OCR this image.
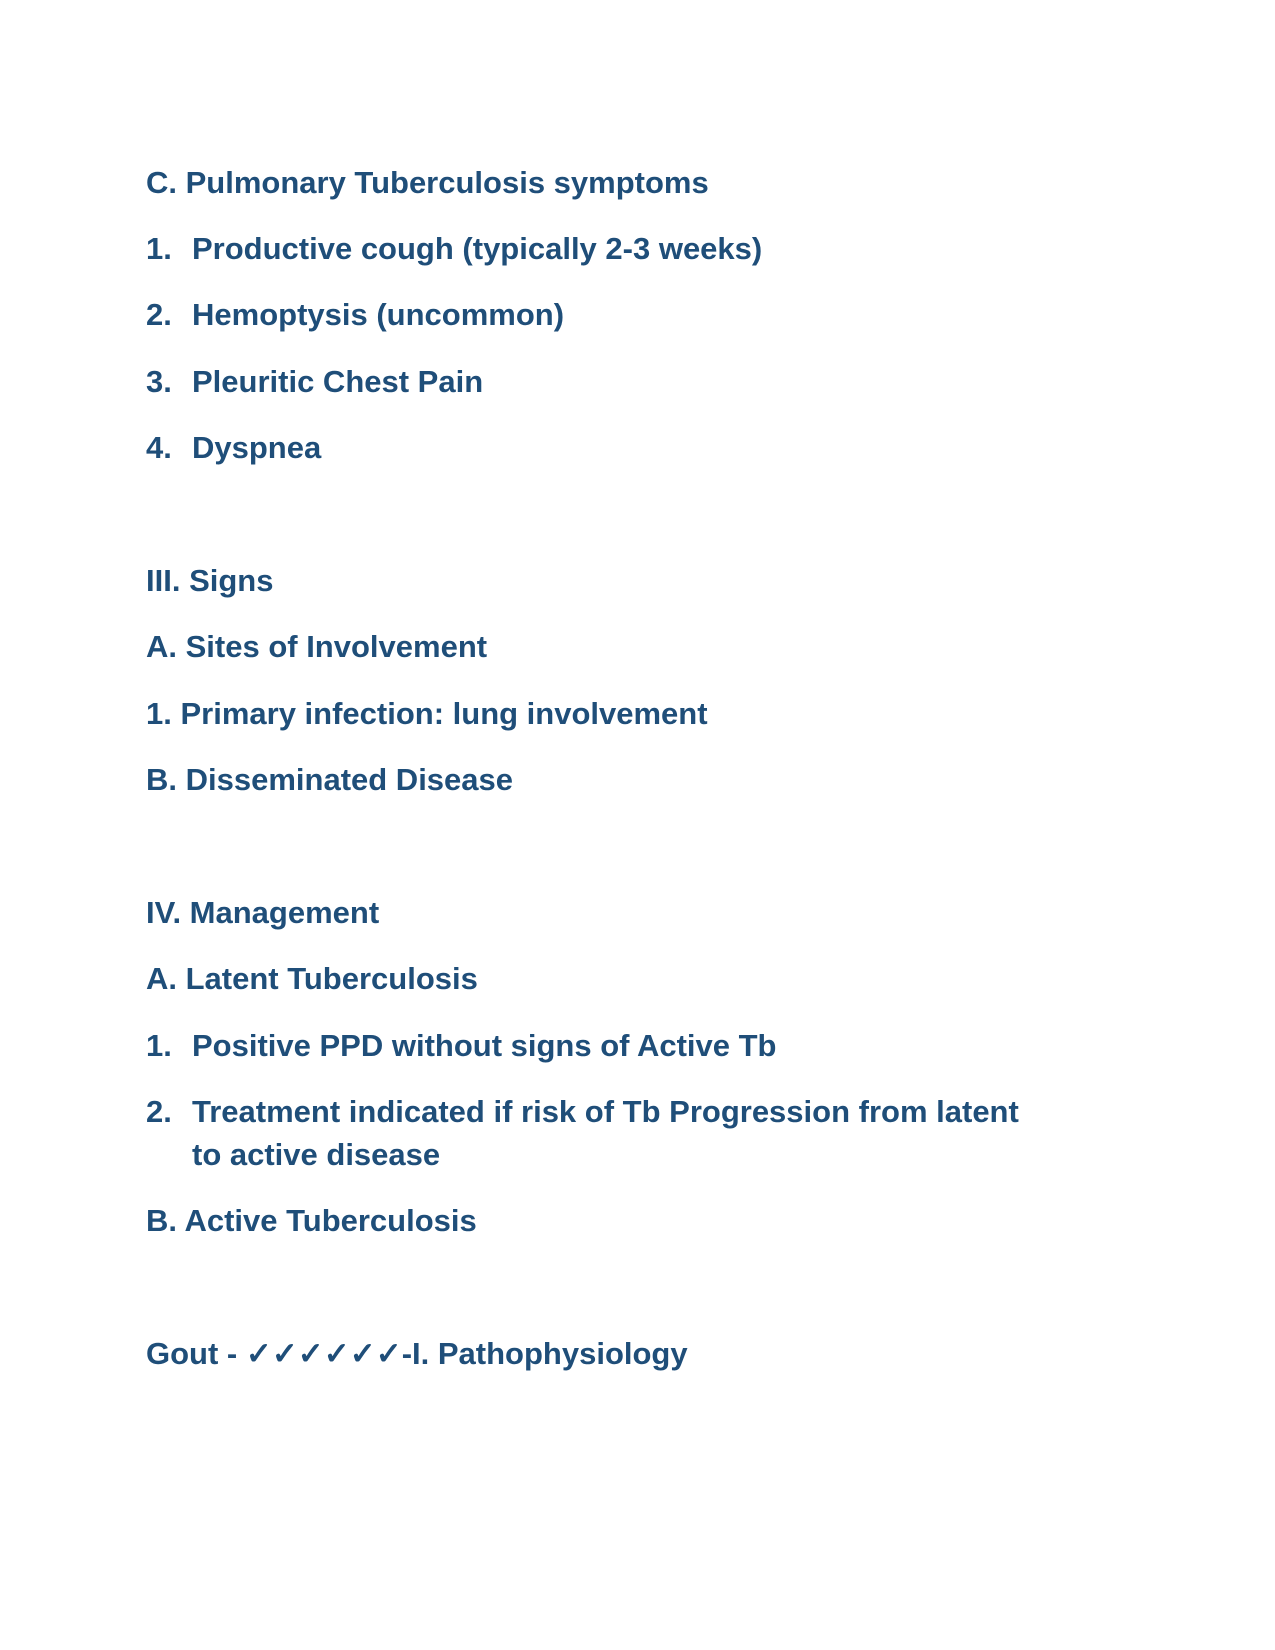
C. Pulmonary Tuberculosis symptoms
1. Productive cough (typically 2-3 weeks)
2. Hemoptysis (uncommon)
3. Pleuritic Chest Pain
4. Dyspnea
III. Signs
A. Sites of Involvement
1. Primary infection: lung involvement
B. Disseminated Disease
IV. Management
A. Latent Tuberculosis
1. Positive PPD without signs of Active Tb
2. Treatment indicated if risk of Tb Progression from latent
to active disease
B. Active Tuberculosis
Gout - ✓✓✓✓✓✓-I. Pathophysiology
